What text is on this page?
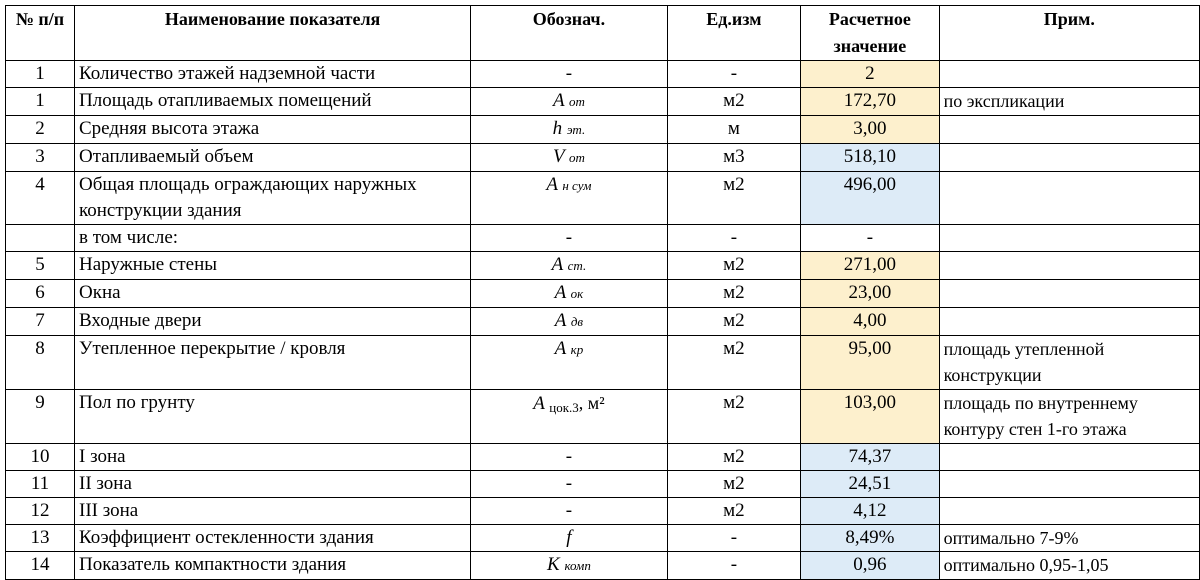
№ п/п	Наименование показателя	Обознач.	Ед.изм	Расчетное значение	Прим.
1	Количество этажей надземной части	-	-	2	
1	Площадь отапливаемых помещений	A от	м2	172,70	по экспликации
2	Средняя высота этажа	h эт.	м	3,00	
3	Отапливаемый объем	V от	м3	518,10	
4	Общая площадь ограждающих наружных конструкции здания	A н сум	м2	496,00	
	в том числе:	-	-	-	
5	Наружные стены	A ст.	м2	271,00	
6	Окна	A ок	м2	23,00	
7	Входные двери	A дв	м2	4,00	
8	Утепленное перекрытие / кровля	A кр	м2	95,00	площадь утепленной конструкции
9	Пол по грунту	A цок.3, м²	м2	103,00	площадь по внутреннему контуру стен 1-го этажа
10	I зона	-	м2	74,37	
11	II зона	-	м2	24,51	
12	III зона	-	м2	4,12	
13	Коэффициент остекленности здания	f	-	8,49%	оптимально 7-9%
14	Показатель компактности здания	K комп	-	0,96	оптимально 0,95-1,05
